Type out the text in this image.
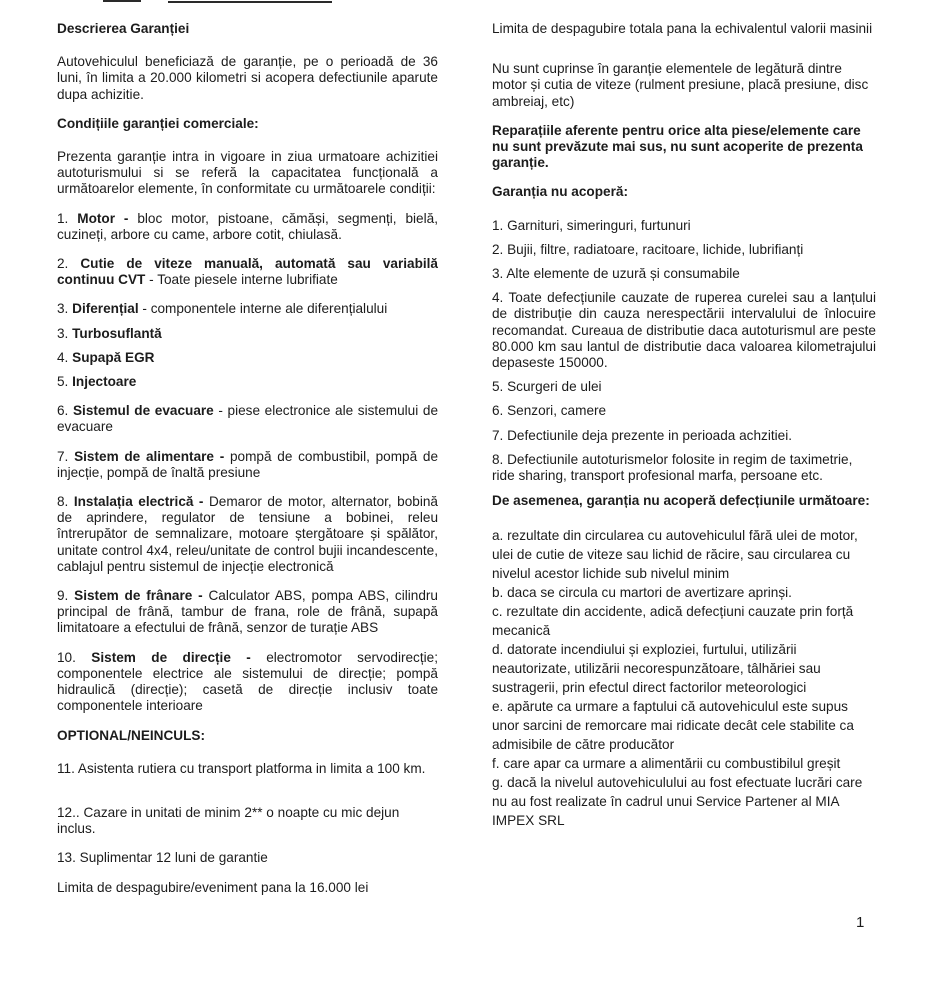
Descrierea Garanției
Autovehiculul beneficiază de garanție, pe o perioadă de 36 luni, în limita a 20.000 kilometri si acopera defectiunile aparute dupa achizitie.
Condițiile garanției comerciale:
Prezenta garanție intra in vigoare in ziua urmatoare achizitiei autoturismului si se referă la capacitatea funcțională a următoarelor elemente, în conformitate cu următoarele condiții:
1. Motor - bloc motor, pistoane, cămăși, segmenți, bielă, cuzineți, arbore cu came, arbore cotit, chiulasă.
2. Cutie de viteze manuală, automată sau variabilă continuu CVT - Toate piesele interne lubrifiate
3. Diferențial - componentele interne ale diferențialului
3. Turbosuflantă
4. Supapă EGR
5. Injectoare
6. Sistemul de evacuare - piese electronice ale sistemului de evacuare
7. Sistem de alimentare - pompă de combustibil, pompă de injecție, pompă de înaltă presiune
8. Instalația electrică - Demaror de motor, alternator, bobină de aprindere, regulator de tensiune a bobinei, releu întrerupător de semnalizare, motoare ștergătoare și spălător, unitate control 4x4, releu/unitate de control bujii incandescente, cablajul pentru sistemul de injecție electronică
9. Sistem de frânare - Calculator ABS, pompa ABS, cilindru principal de frână, tambur de frana, role de frână, supapă limitatoare a efectului de frână, senzor de turație ABS
10. Sistem de direcție - electromotor servodirecție; componentele electrice ale sistemului de direcție; pompă hidraulică (direcție); casetă de direcție inclusiv toate componentele interioare
OPTIONAL/NEINCULS:
11. Asistenta rutiera cu transport platforma in limita a 100 km.
12.. Cazare in unitati de minim 2** o noapte cu mic dejun inclus.
13. Suplimentar 12 luni de garantie
Limita de despagubire/eveniment pana la 16.000 lei
Limita de despagubire totala pana la echivalentul valorii masinii
Nu sunt cuprinse în garanție elementele de legătură dintre motor și cutia de viteze (rulment presiune, placă presiune, disc ambreiaj, etc)
Reparațiile aferente pentru orice alta piese/elemente care nu sunt prevăzute mai sus, nu sunt acoperite de prezenta garanție.
Garanția nu acoperă:
1. Garnituri, simeringuri, furtunuri
2. Bujii, filtre, radiatoare, racitoare, lichide, lubrifianți
3. Alte elemente de uzură și consumabile
4. Toate defecțiunile cauzate de ruperea curelei sau a lanțului de distribuție din cauza nerespectării intervalului de înlocuire recomandat. Cureaua de distributie daca autoturismul are peste 80.000 km sau lantul de distributie daca valoarea kilometrajului depaseste 150000.
5. Scurgeri de ulei
6. Senzori, camere
7. Defectiunile deja prezente in perioada achzitiei.
8. Defectiunile autoturismelor folosite in regim de taximetrie, ride sharing, transport profesional marfa, persoane etc.
De asemenea, garanția nu acoperă defecțiunile următoare:
a. rezultate din circularea cu autovehiculul fără ulei de motor, ulei de cutie de viteze sau lichid de răcire, sau circularea cu nivelul acestor lichide sub nivelul minim
b. daca se circula cu martori de avertizare aprinși.
c. rezultate din accidente, adică defecțiuni cauzate prin forță mecanică
d. datorate incendiului și exploziei, furtului, utilizării neautorizate, utilizării necorespunzătoare, tâlhăriei sau sustragerii, prin efectul direct factorilor meteorologici
e. apărute ca urmare a faptului că autovehiculul este supus unor sarcini de remorcare mai ridicate decât cele stabilite ca admisibile de către producător
f. care apar ca urmare a alimentării cu combustibilul greșit
g. dacă la nivelul autovehiculului au fost efectuate lucrări care nu au fost realizate în cadrul unui Service Partener al MIA IMPEX SRL
1
